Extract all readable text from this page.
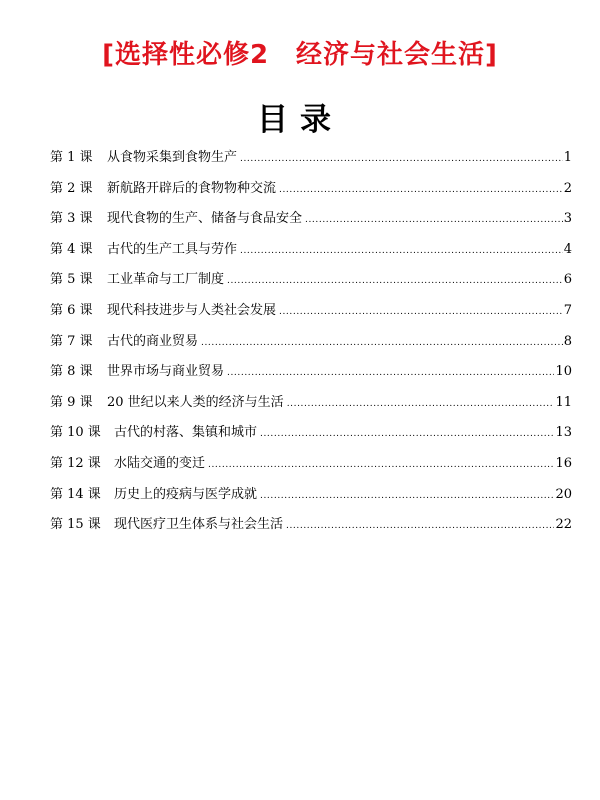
[选择性必修2　经济与社会生活]
目录
第 1 课	从食物采集到食物生产 .....	1
第 2 课	新航路开辟后的食物物种交流 .....	2
第 3 课	现代食物的生产、储备与食品安全 .....	3
第 4 课	古代的生产工具与劳作 .....	4
第 5 课	工业革命与工厂制度 .....	6
第 6 课	现代科技进步与人类社会发展 .....	7
第 7 课	古代的商业贸易 .....	8
第 8 课	世界市场与商业贸易 .....	10
第 9 课	20 世纪以来人类的经济与生活 .....	11
第 10 课	古代的村落、集镇和城市 .....	13
第 12 课	水陆交通的变迁 .....	16
第 14 课	历史上的疫病与医学成就 .....	20
第 15 课	现代医疗卫生体系与社会生活 .....	22
